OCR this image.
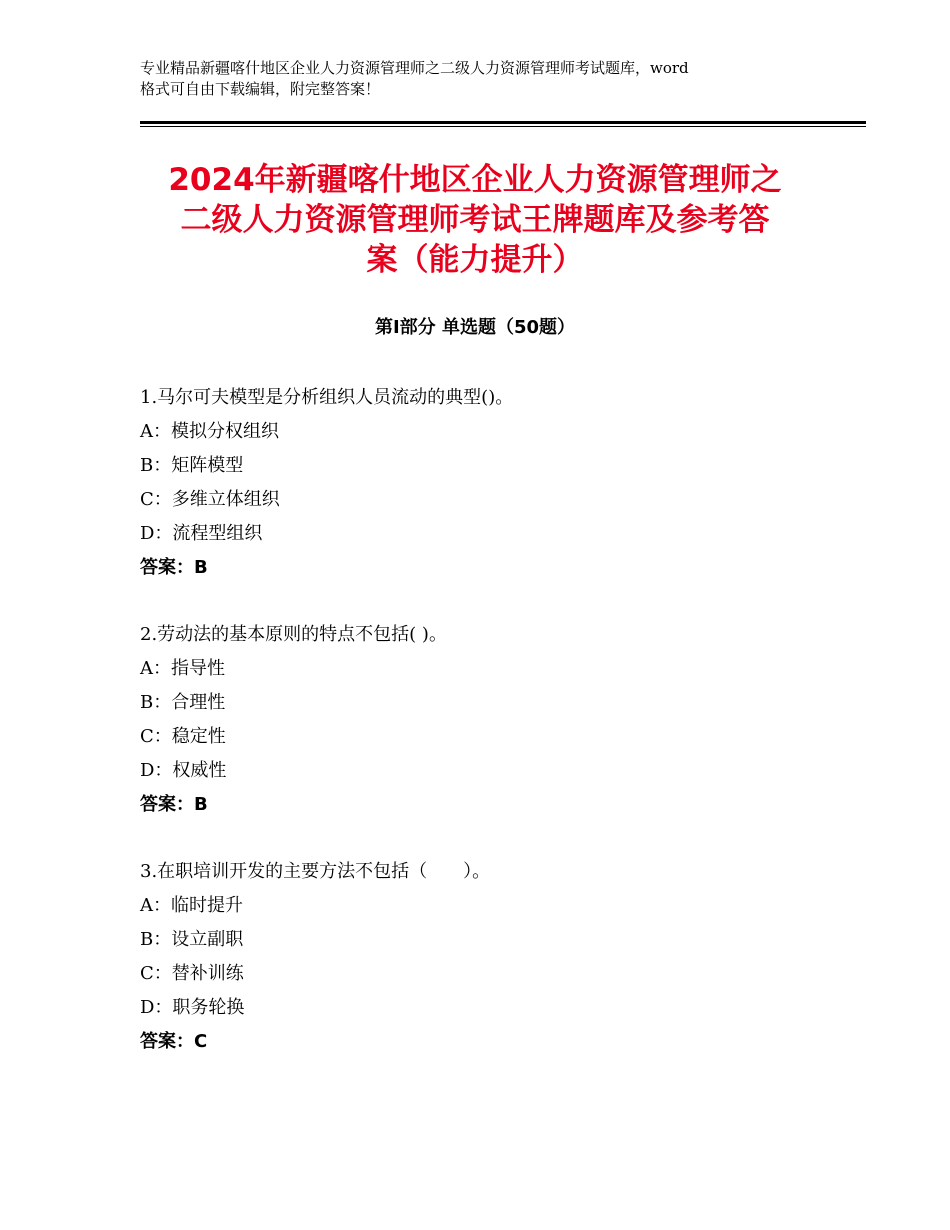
专业精品新疆喀什地区企业人力资源管理师之二级人力资源管理师考试题库，word
格式可自由下载编辑，附完整答案！
2024年新疆喀什地区企业人力资源管理师之
二级人力资源管理师考试王牌题库及参考答
案（能力提升）
第Ⅰ部分 单选题（50题）
1.马尔可夫模型是分析组织人员流动的典型()。
A：模拟分权组织
B：矩阵模型
C：多维立体组织
D：流程型组织
答案：B
2.劳动法的基本原则的特点不包括( )。
A：指导性
B：合理性
C：稳定性
D：权威性
答案：B
3.在职培训开发的主要方法不包括（　　）。
A：临时提升
B：设立副职
C：替补训练
D：职务轮换
答案：C
